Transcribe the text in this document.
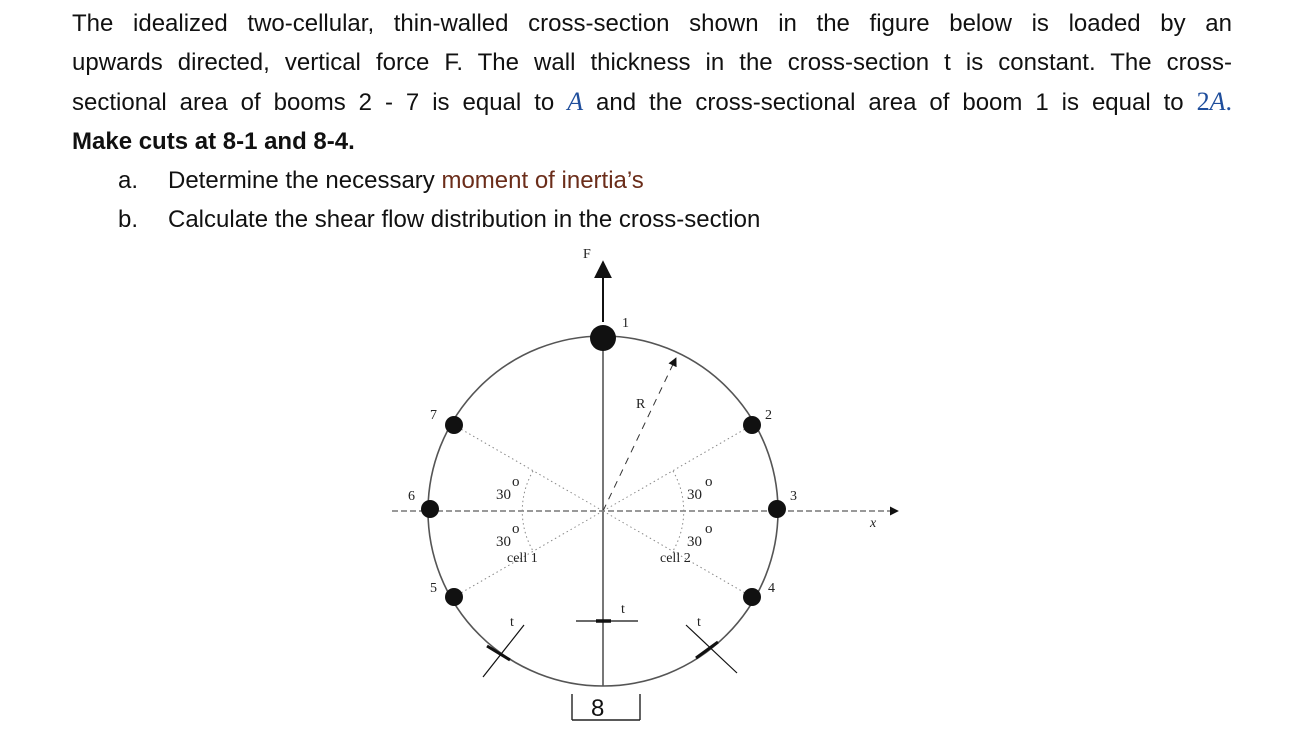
The idealized two-cellular, thin-walled cross-section shown in the figure below is loaded by an

upwards directed, vertical force F. The wall thickness in the cross-section t is constant. The cross-

sectional area of booms 2 - 7 is equal to A and the cross-sectional area of boom 1 is equal to 2A.

Make cuts at 8-1 and 8-4.

a. Determine the necessary moment of inertia’s
b. Calculate the shear flow distribution in the cross-section
F
x
R
30
o
30
o
30
o
30
o
cell 1	cell 2
1
2
3
4
5
6
7
t
t
t
8
